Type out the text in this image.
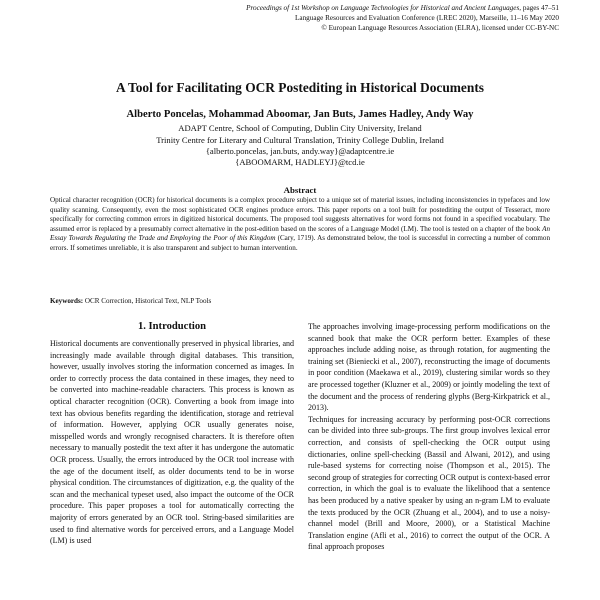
Proceedings of 1st Workshop on Language Technologies for Historical and Ancient Languages, pages 47–51
Language Resources and Evaluation Conference (LREC 2020), Marseille, 11–16 May 2020
© European Language Resources Association (ELRA), licensed under CC-BY-NC
A Tool for Facilitating OCR Postediting in Historical Documents
Alberto Poncelas, Mohammad Aboomar, Jan Buts, James Hadley, Andy Way
ADAPT Centre, School of Computing, Dublin City University, Ireland
Trinity Centre for Literary and Cultural Translation, Trinity College Dublin, Ireland
{alberto.poncelas, jan.buts, andy.way}@adaptcentre.ie
{ABOOMARM, HADLEYJ}@tcd.ie
Abstract

Optical character recognition (OCR) for historical documents is a complex procedure subject to a unique set of material issues, including inconsistencies in typefaces and low quality scanning. Consequently, even the most sophisticated OCR engines produce errors. This paper reports on a tool built for postediting the output of Tesseract, more specifically for correcting common errors in digitized historical documents. The proposed tool suggests alternatives for word forms not found in a specified vocabulary. The assumed error is replaced by a presumably correct alternative in the post-edition based on the scores of a Language Model (LM). The tool is tested on a chapter of the book An Essay Towards Regulating the Trade and Employing the Poor of this Kingdom (Cary, 1719). As demonstrated below, the tool is successful in correcting a number of common errors. If sometimes unreliable, it is also transparent and subject to human intervention.

Keywords: OCR Correction, Historical Text, NLP Tools
1. Introduction

Historical documents are conventionally preserved in physical libraries, and increasingly made available through digital databases. This transition, however, usually involves storing the information concerned as images. In order to correctly process the data contained in these images, they need to be converted into machine-readable characters. This process is known as optical character recognition (OCR). Converting a book from image into text has obvious benefits regarding the identification, storage and retrieval of information. However, applying OCR usually generates noise, misspelled words and wrongly recognised characters. It is therefore often necessary to manually postedit the text after it has undergone the automatic OCR process. Usually, the errors introduced by the OCR tool increase with the age of the document itself, as older documents tend to be in worse physical condition. The circumstances of digitization, e.g. the quality of the scan and the mechanical typeset used, also impact the outcome of the OCR procedure. This paper proposes a tool for automatically correcting the majority of errors generated by an OCR tool. String-based similarities are used to find alternative words for perceived errors, and a Language Model (LM) is used

The approaches involving image-processing perform modifications on the scanned book that make the OCR perform better. Examples of these approaches include adding noise, as through rotation, for augmenting the training set (Bieniecki et al., 2007), reconstructing the image of documents in poor condition (Maekawa et al., 2019), clustering similar words so they are processed together (Kluzner et al., 2009) or jointly modeling the text of the document and the process of rendering glyphs (Berg-Kirkpatrick et al., 2013).

Techniques for increasing accuracy by performing post-OCR corrections can be divided into three sub-groups. The first group involves lexical error correction, and consists of spell-checking the OCR output using dictionaries, online spell-checking (Bassil and Alwani, 2012), and using rule-based systems for correcting noise (Thompson et al., 2015). The second group of strategies for correcting OCR output is context-based error correction, in which the goal is to evaluate the likelihood that a sentence has been produced by a native speaker by using an n-gram LM to evaluate the texts produced by the OCR (Zhuang et al., 2004), and to use a noisy-channel model (Brill and Moore, 2000), or a Statistical Machine Translation engine (Afli et al., 2016) to correct the output of the OCR. A final approach proposes
